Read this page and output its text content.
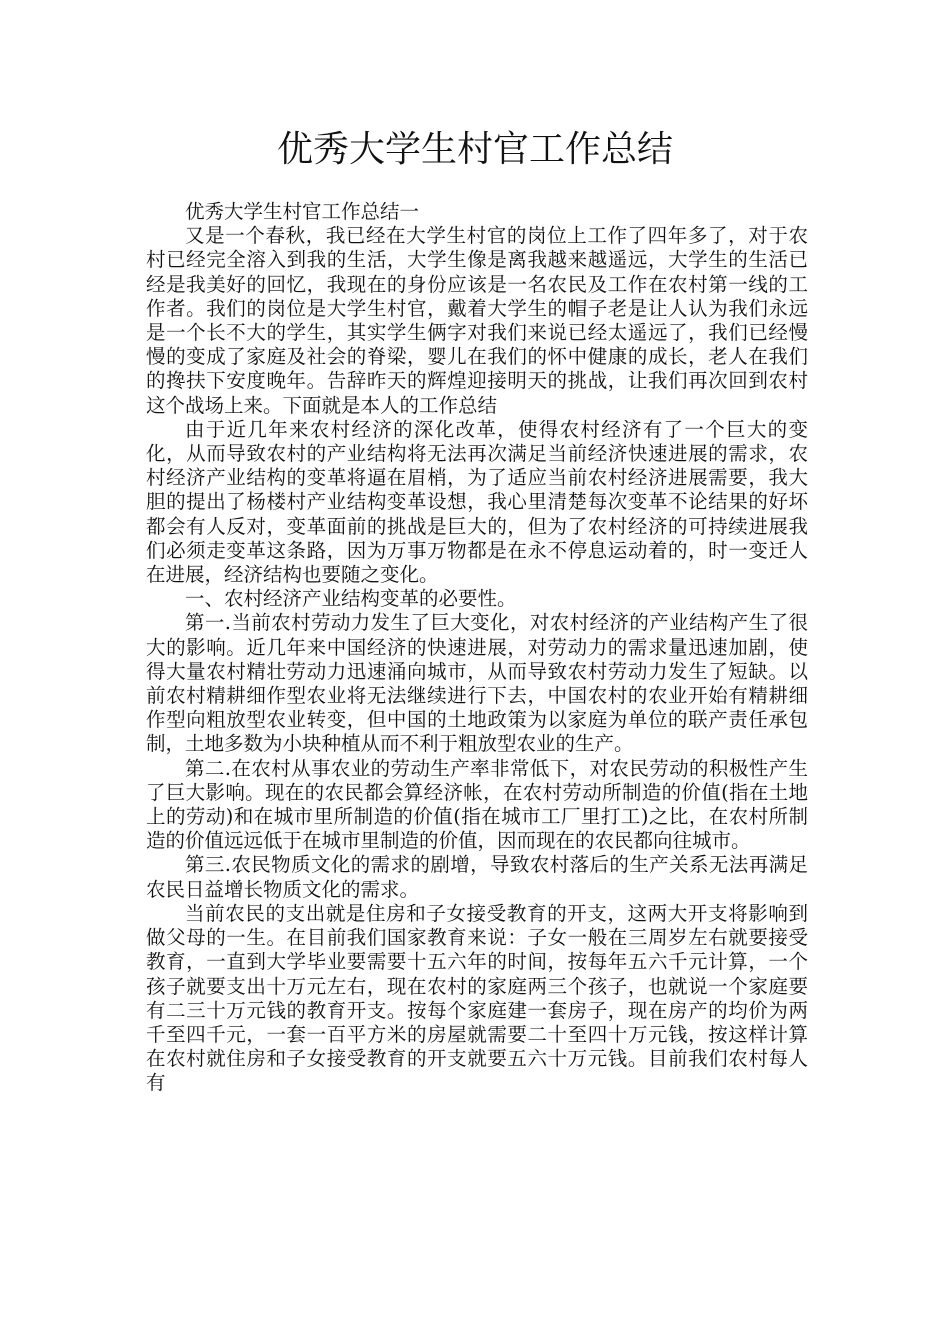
优秀大学生村官工作总结

优秀大学生村官工作总结一

又是一个春秋，我已经在大学生村官的岗位上工作了四年多了，对于农村已经完全溶入到我的生活，大学生像是离我越来越遥远，大学生的生活已经是我美好的回忆，我现在的身份应该是一名农民及工作在农村第一线的工作者。我们的岗位是大学生村官，戴着大学生的帽子老是让人认为我们永远是一个长不大的学生，其实学生俩字对我们来说已经太遥远了，我们已经慢慢的变成了家庭及社会的脊梁，婴儿在我们的怀中健康的成长，老人在我们的搀扶下安度晚年。告辞昨天的辉煌迎接明天的挑战，让我们再次回到农村这个战场上来。下面就是本人的工作总结

由于近几年来农村经济的深化改革，使得农村经济有了一个巨大的变化，从而导致农村的产业结构将无法再次满足当前经济快速进展的需求，农村经济产业结构的变革将逼在眉梢，为了适应当前农村经济进展需要，我大胆的提出了杨楼村产业结构变革设想，我心里清楚每次变革不论结果的好坏都会有人反对，变革面前的挑战是巨大的，但为了农村经济的可持续进展我们必须走变革这条路，因为万事万物都是在永不停息运动着的，时一变迁人在进展，经济结构也要随之变化。

一、农村经济产业结构变革的必要性。

第一.当前农村劳动力发生了巨大变化，对农村经济的产业结构产生了很大的影响。近几年来中国经济的快速进展，对劳动力的需求量迅速加剧，使得大量农村精壮劳动力迅速涌向城市，从而导致农村劳动力发生了短缺。以前农村精耕细作型农业将无法继续进行下去，中国农村的农业开始有精耕细作型向粗放型农业转变，但中国的土地政策为以家庭为单位的联产责任承包制，土地多数为小块种植从而不利于粗放型农业的生产。

第二.在农村从事农业的劳动生产率非常低下，对农民劳动的积极性产生了巨大影响。现在的农民都会算经济帐，在农村劳动所制造的价值(指在土地上的劳动)和在城市里所制造的价值(指在城市工厂里打工)之比，在农村所制造的价值远远低于在城市里制造的价值，因而现在的农民都向往城市。

第三.农民物质文化的需求的剧增，导致农村落后的生产关系无法再满足农民日益增长物质文化的需求。

当前农民的支出就是住房和子女接受教育的开支，这两大开支将影响到做父母的一生。在目前我们国家教育来说：子女一般在三周岁左右就要接受教育，一直到大学毕业要需要十五六年的时间，按每年五六千元计算，一个孩子就要支出十万元左右，现在农村的家庭两三个孩子，也就说一个家庭要有二三十万元钱的教育开支。按每个家庭建一套房子，现在房产的均价为两千至四千元，一套一百平方米的房屋就需要二十至四十万元钱，按这样计算在农村就住房和子女接受教育的开支就要五六十万元钱。目前我们农村每人有
